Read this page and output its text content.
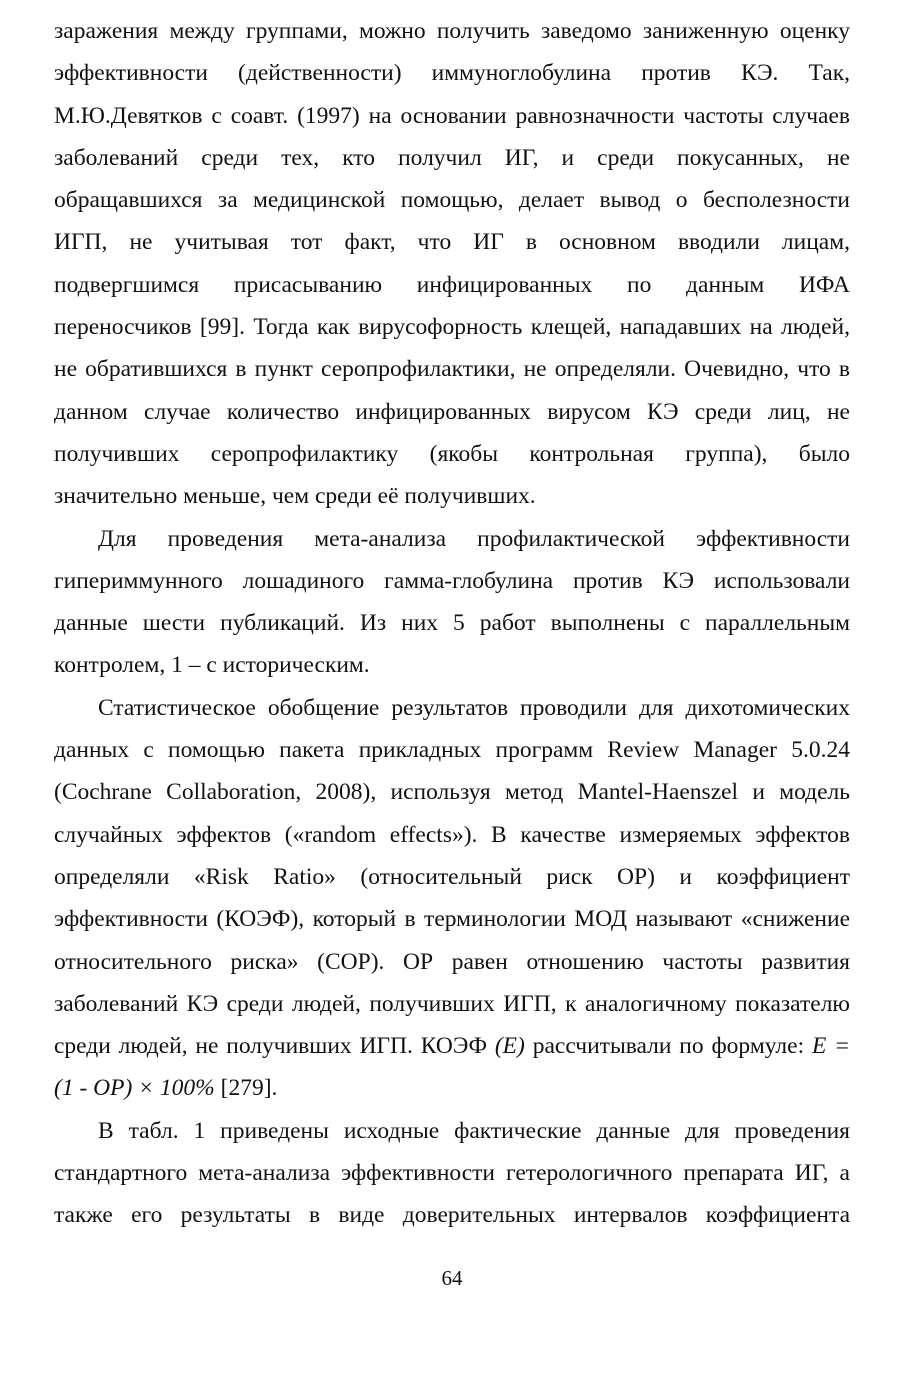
заражения между группами, можно получить заведомо заниженную оценку
эффективности (действенности) иммуноглобулина против КЭ. Так,
М.Ю.Девятков с соавт. (1997) на основании равнозначности частоты случаев
заболеваний среди тех, кто получил ИГ, и среди покусанных, не
обращавшихся за медицинской помощью, делает вывод о бесполезности
ИГП, не учитывая тот факт, что ИГ в основном вводили лицам,
подвергшимся присасыванию инфицированных по данным ИФА
переносчиков [99]. Тогда как вирусофорность клещей, нападавших на людей,
не обратившихся в пункт серопрофилактики, не определяли. Очевидно, что в
данном случае количество инфицированных вирусом КЭ среди лиц, не
получивших серопрофилактику (якобы контрольная группа), было
значительно меньше, чем среди её получивших.
Для проведения мета-анализа профилактической эффективности
гипериммунного лошадиного гамма-глобулина против КЭ использовали
данные шести публикаций. Из них 5 работ выполнены с параллельным
контролем, 1 – с историческим.
Статистическое обобщение результатов проводили для дихотомических
данных с помощью пакета прикладных программ Review Manager 5.0.24
(Cochrane Collaboration, 2008), используя метод Mantel-Haenszel и модель
случайных эффектов («random effects»). В качестве измеряемых эффектов
определяли «Risk Ratio» (относительный риск ОР) и коэффициент
эффективности (КОЭФ), который в терминологии МОД называют «снижение
относительного риска» (СОР). ОР равен отношению частоты развития
заболеваний КЭ среди людей, получивших ИГП, к аналогичному показателю
среди людей, не получивших ИГП. КОЭФ (Е) рассчитывали по формуле: Е =
(1 - ОР) × 100% [279].
В табл. 1 приведены исходные фактические данные для проведения
стандартного мета-анализа эффективности гетерологичного препарата ИГ, а
также его результаты в виде доверительных интервалов коэффициента
64
